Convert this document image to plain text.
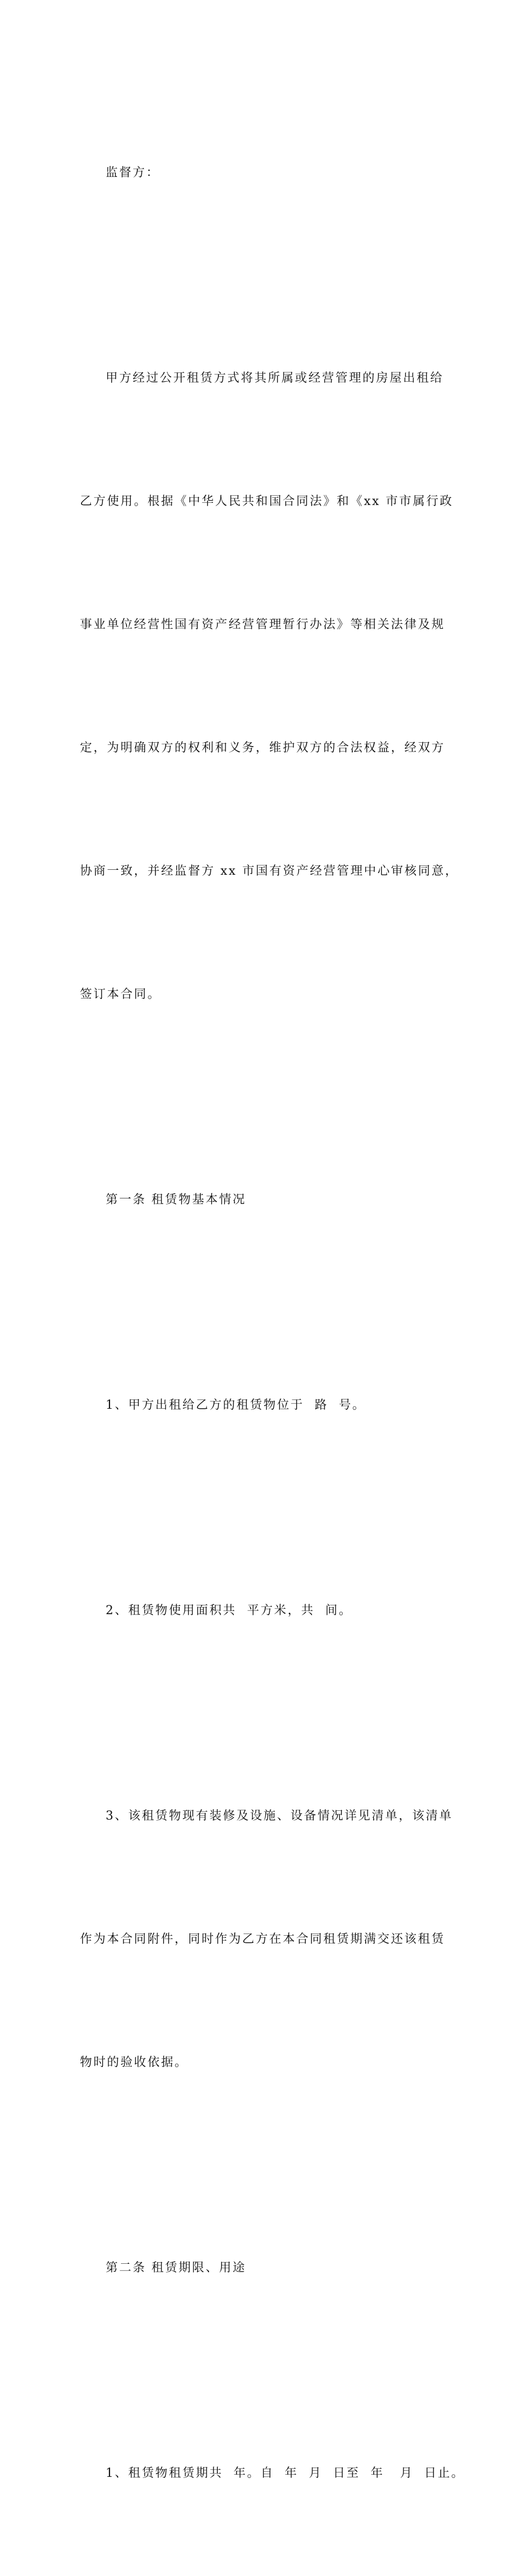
监督方：

甲方经过公开租赁方式将其所属或经营管理的房屋出租给

乙方使用。根据《中华人民共和国合同法》和《xx 市市属行政

事业单位经营性国有资产经营管理暂行办法》等相关法律及规

定，为明确双方的权利和义务，维护双方的合法权益，经双方

协商一致，并经监督方 xx 市国有资产经营管理中心审核同意，

签订本合同。

第一条 租赁物基本情况

1、甲方出租给乙方的租赁物位于  路  号。

2、租赁物使用面积共  平方米，共  间。

3、该租赁物现有装修及设施、设备情况详见清单，该清单

作为本合同附件，同时作为乙方在本合同租赁期满交还该租赁

物时的验收依据。

第二条 租赁期限、用途

1、租赁物租赁期共  年。自  年  月  日至  年   月  日止。
